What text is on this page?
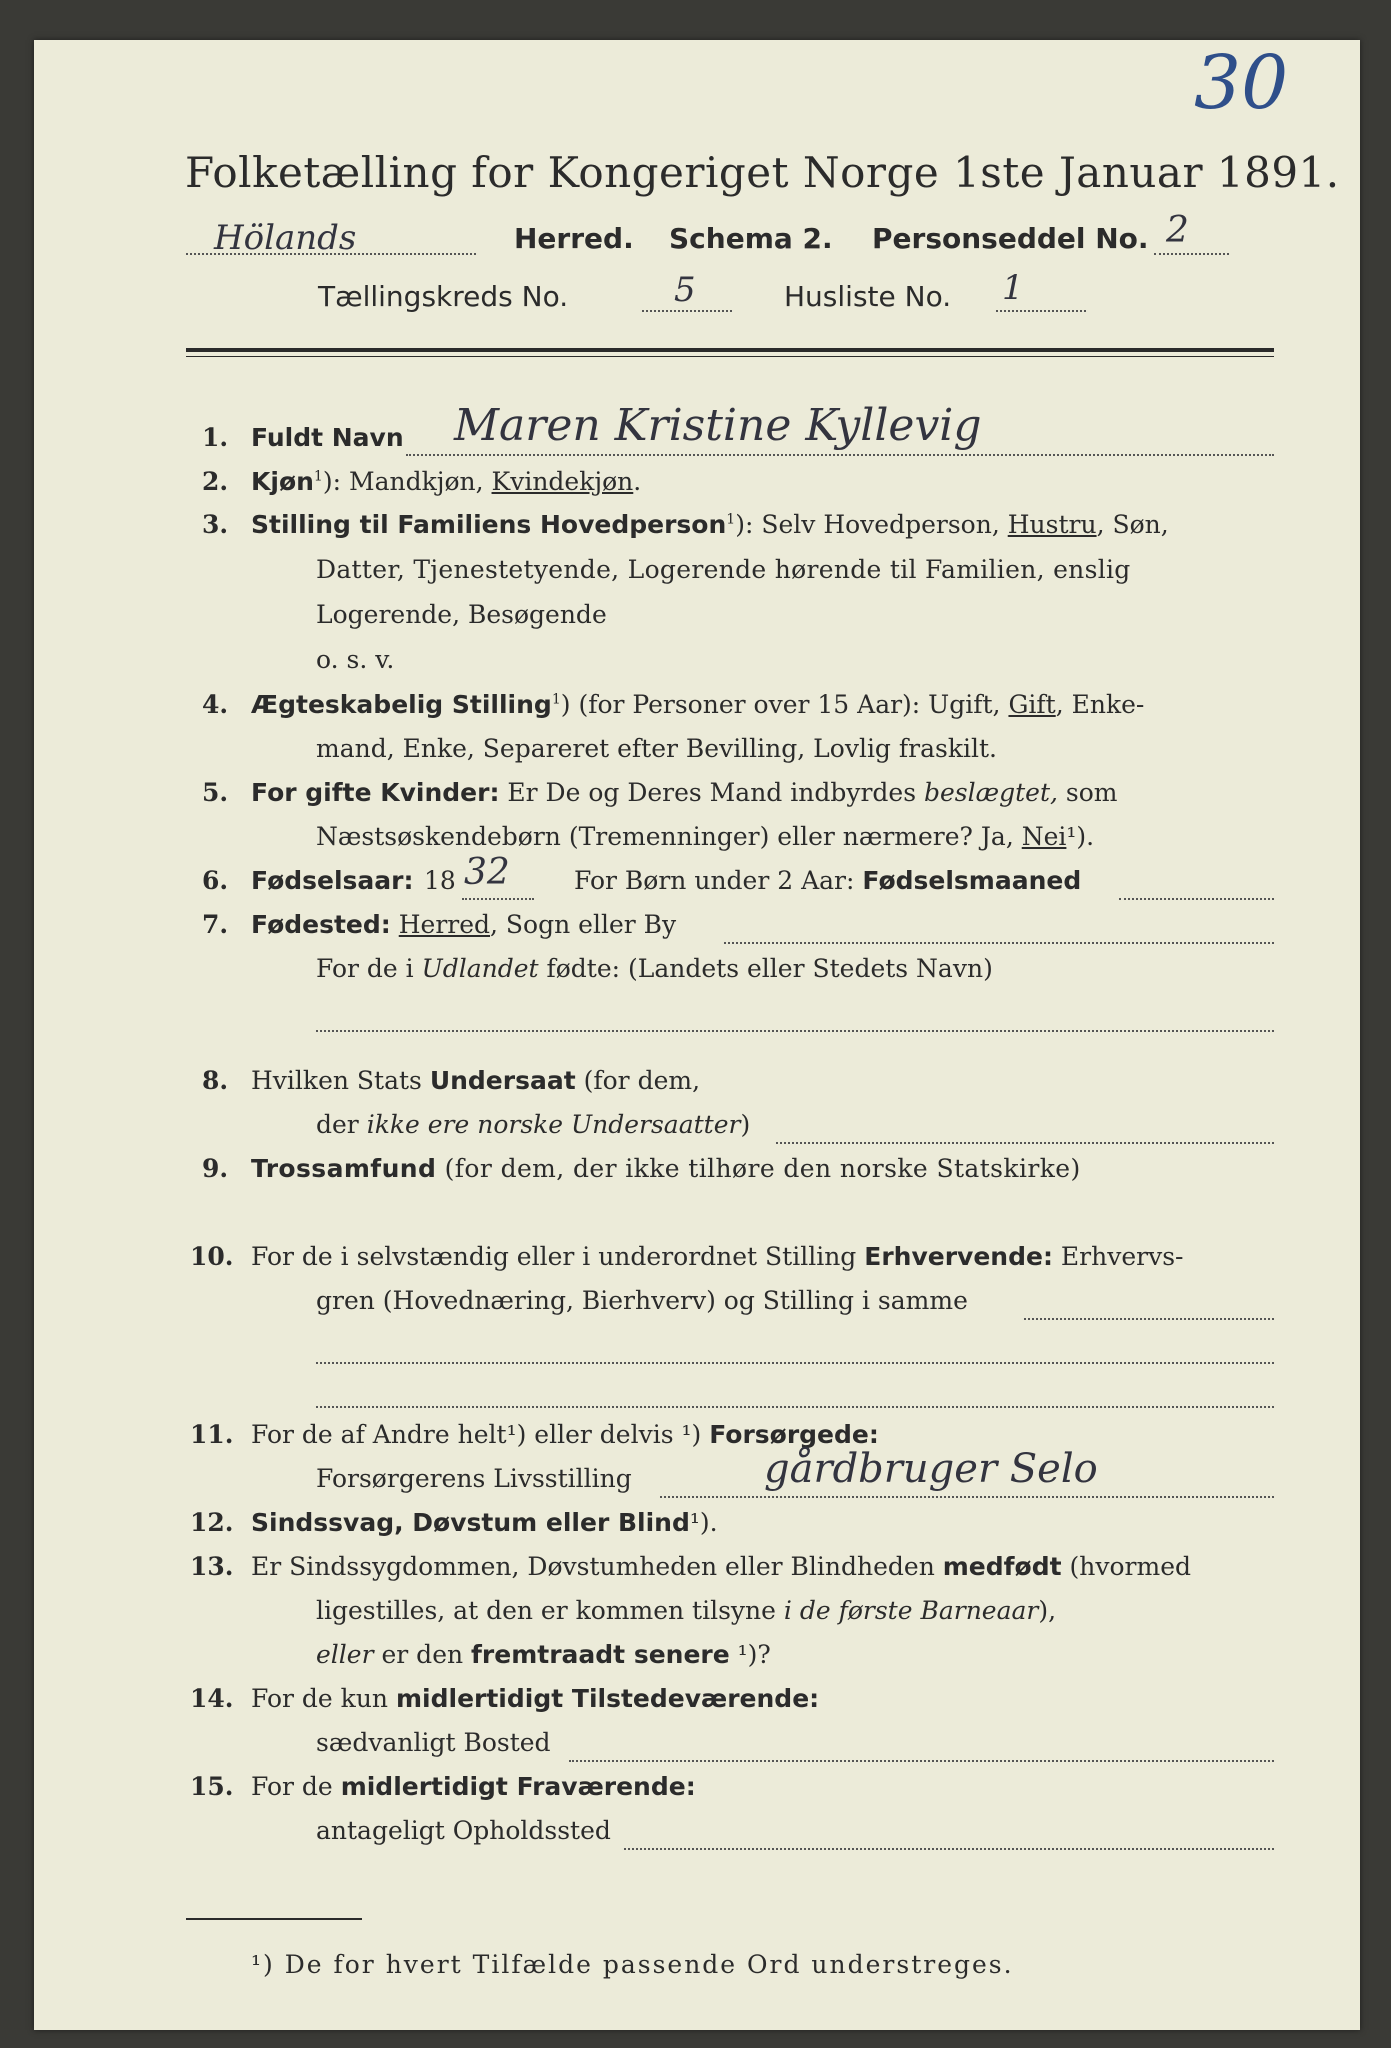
30
Folketælling for Kongeriget Norge 1ste Januar 1891.
Hölands	Herred. Schema 2. Personseddel No. 2
Tællingskreds No.	5	Husliste No. 1
1. Fuldt Navn Maren Kristine Kyllevig
2. Kjøn$^1$): Mandkjøn, Kvindekjøn.
3. Stilling til Familiens Hovedperson$^1$): Selv Hovedperson, Hustru, Søn,
Datter, Tjenestetyende, Logerende hørende til Familien, enslig
Logerende, Besøgende
o. s. v.
4. Ægteskabelig Stilling$^1$) (for Personer over 15 Aar): Ugift, Gift, Enke-
mand, Enke, Separeret efter Bevilling, Lovlig fraskilt.
5. For gifte Kvinder: Er De og Deres Mand indbyrdes beslægtet, som
Næstsøskendebørn (Tremenninger) eller nærmere? Ja, Nei¹).
6. Fødselsaar: 18 32	For Børn under 2 Aar: Fødselsmaaned
7. Fødested: Herred, Sogn eller By
For de i Udlandet fødte: (Landets eller Stedets Navn)
8. Hvilken Stats Undersaat (for dem,
der ikke ere norske Undersaatter)
9. Trossamfund (for dem, der ikke tilhøre den norske Statskirke)
10. For de i selvstændig eller i underordnet Stilling Erhvervende: Erhvervs-
gren (Hovednæring, Bierhverv) og Stilling i samme
11. For de af Andre helt¹) eller delvis ¹) Forsørgede:
Forsørgerens Livsstilling	gårdbruger Selo
12. Sindssvag, Døvstum eller Blind¹).
13. Er Sindssygdommen, Døvstumheden eller Blindheden medfødt (hvormed
ligestilles, at den er kommen tilsyne i de første Barneaar),
eller er den fremtraadt senere ¹)?
14. For de kun midlertidigt Tilstedeværende:
sædvanligt Bosted
15. For de midlertidigt Fraværende:
antageligt Opholdssted
¹) De for hvert Tilfælde passende Ord understreges.
